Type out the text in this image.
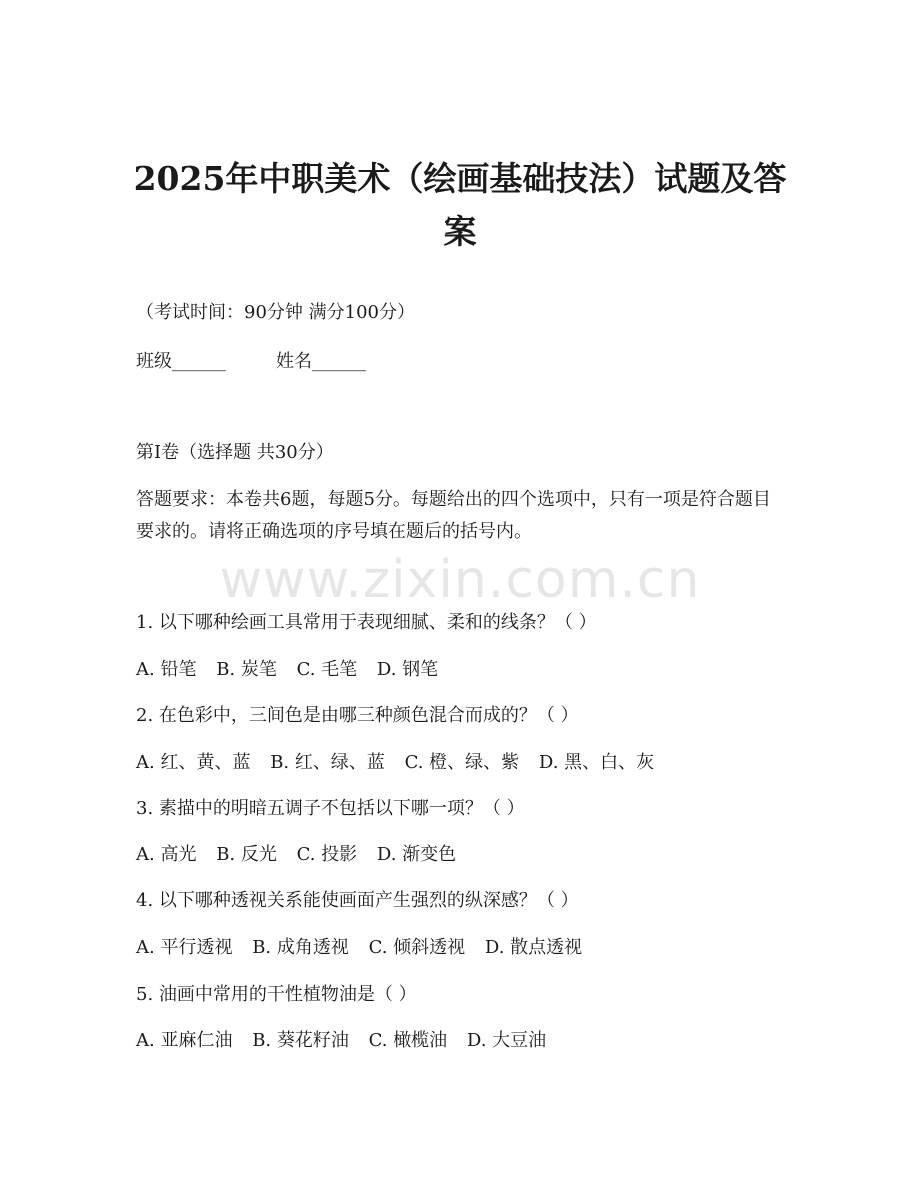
www.zixin.com.cn
2025年中职美术（绘画基础技法）试题及答案
（考试时间：90分钟 满分100分）
班级______	姓名______
第Ⅰ卷（选择题 共30分）
答题要求：本卷共6题，每题5分。每题给出的四个选项中，只有一项是符合题目要求的。请将正确选项的序号填在题后的括号内。
1. 以下哪种绘画工具常用于表现细腻、柔和的线条？（ ）
A. 铅笔 B. 炭笔 C. 毛笔 D. 钢笔
2. 在色彩中，三间色是由哪三种颜色混合而成的？（ ）
A. 红、黄、蓝 B. 红、绿、蓝 C. 橙、绿、紫 D. 黑、白、灰
3. 素描中的明暗五调子不包括以下哪一项？（ ）
A. 高光 B. 反光 C. 投影 D. 渐变色
4. 以下哪种透视关系能使画面产生强烈的纵深感？（ ）
A. 平行透视 B. 成角透视 C. 倾斜透视 D. 散点透视
5. 油画中常用的干性植物油是（ ）
A. 亚麻仁油 B. 葵花籽油 C. 橄榄油 D. 大豆油
